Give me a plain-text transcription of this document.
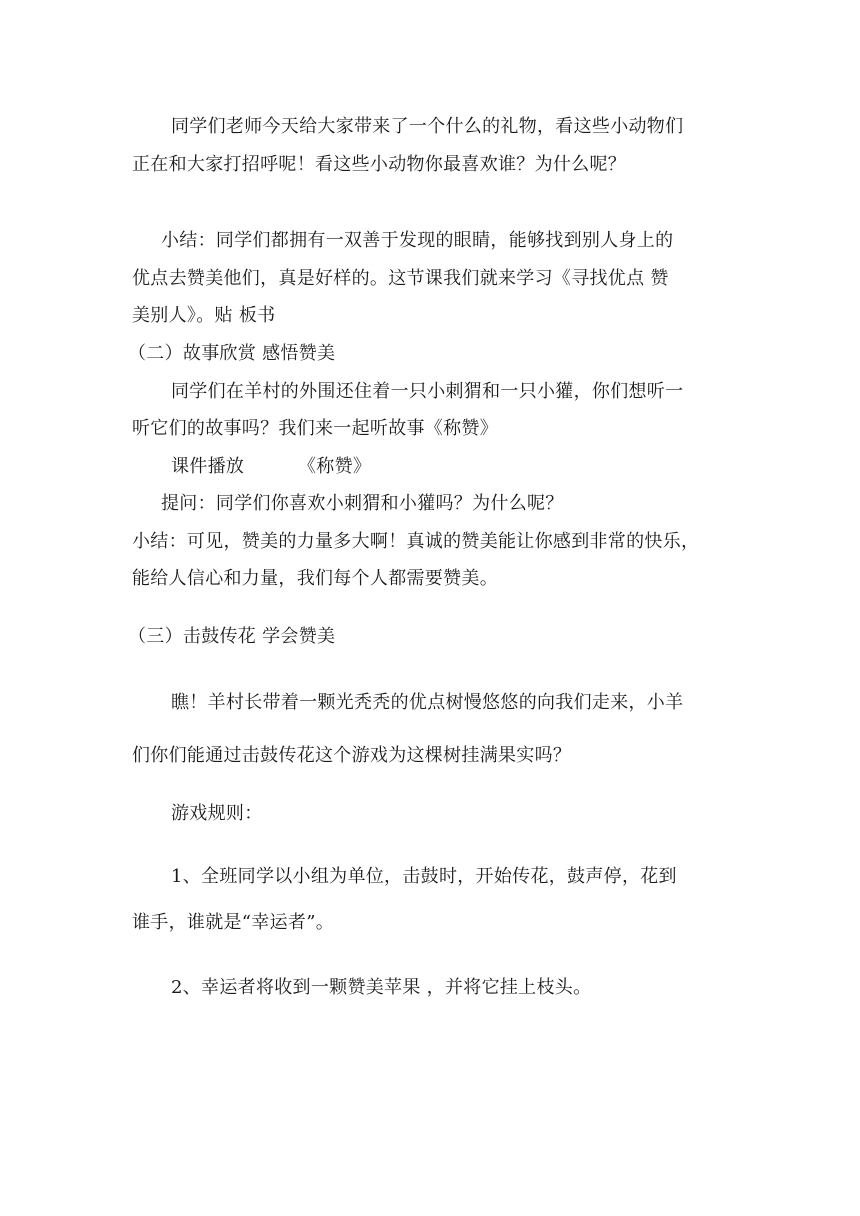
同学们老师今天给大家带来了一个什么的礼物，看这些小动物们
正在和大家打招呼呢！看这些小动物你最喜欢谁？为什么呢？
小结：同学们都拥有一双善于发现的眼睛，能够找到别人身上的
优点去赞美他们，真是好样的。这节课我们就来学习《寻找优点 赞
美别人》。贴 板书
（二）故事欣赏 感悟赞美
同学们在羊村的外围还住着一只小刺猬和一只小獾，你们想听一
听它们的故事吗？我们来一起听故事《称赞》
课件播放	《称赞》
提问：同学们你喜欢小刺猬和小獾吗？为什么呢？
小结：可见，赞美的力量多大啊！真诚的赞美能让你感到非常的快乐，
能给人信心和力量，我们每个人都需要赞美。
（三）击鼓传花 学会赞美
瞧！羊村长带着一颗光秃秃的优点树慢悠悠的向我们走来，小羊
们你们能通过击鼓传花这个游戏为这棵树挂满果实吗？
游戏规则：
1、全班同学以小组为单位，击鼓时，开始传花，鼓声停，花到
谁手，谁就是“幸运者”。
2、幸运者将收到一颗赞美苹果 ，并将它挂上枝头。
